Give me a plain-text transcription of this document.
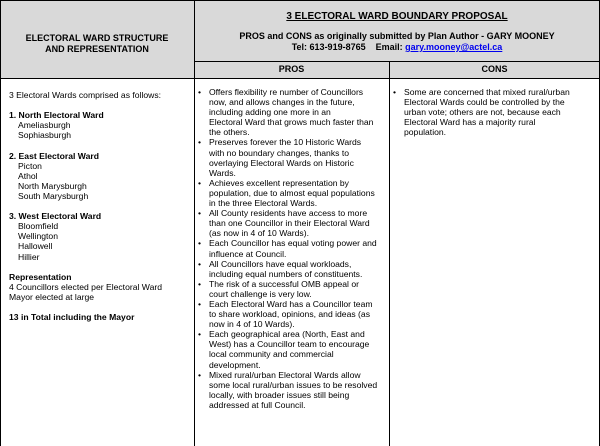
ELECTORAL WARD STRUCTURE
AND REPRESENTATION
3 ELECTORAL WARD BOUNDARY PROPOSAL
PROS and CONS as originally submitted by Plan Author - GARY MOONEY
Tel: 613-919-8765 Email: gary.mooney@actel.ca
PROS	CONS
3 Electoral Wards comprised as follows:
1. North Electoral Ward
Ameliasburgh
Sophiasburgh
2. East Electoral Ward
Picton
Athol
North Marysburgh
South Marysburgh
3. West Electoral Ward
Bloomfield
Wellington
Hallowell
Hillier
Representation
4 Councillors elected per Electoral Ward
Mayor elected at large
13 in Total including the Mayor
• Offers flexibility re number of Councillors
now, and allows changes in the future,
including adding one more in an
Electoral Ward that grows much faster than
the others.
• Preserves forever the 10 Historic Wards
with no boundary changes, thanks to
overlaying Electoral Wards on Historic
Wards.
• Achieves excellent representation by
population, due to almost equal populations
in the three Electoral Wards.
• All County residents have access to more
than one Councillor in their Electoral Ward
(as now in 4 of 10 Wards).
• Each Councillor has equal voting power and
influence at Council.
• All Councillors have equal workloads,
including equal numbers of constituents.
• The risk of a successful OMB appeal or
court challenge is very low.
• Each Electoral Ward has a Councillor team
to share workload, opinions, and ideas (as
now in 4 of 10 Wards).
• Each geographical area (North, East and
West) has a Councillor team to encourage
local community and commercial
development.
• Mixed rural/urban Electoral Wards allow
some local rural/urban issues to be resolved
locally, with broader issues still being
addressed at full Council.
• Some are concerned that mixed rural/urban
Electoral Wards could be controlled by the
urban vote; others are not, because each
Electoral Ward has a majority rural
population.
